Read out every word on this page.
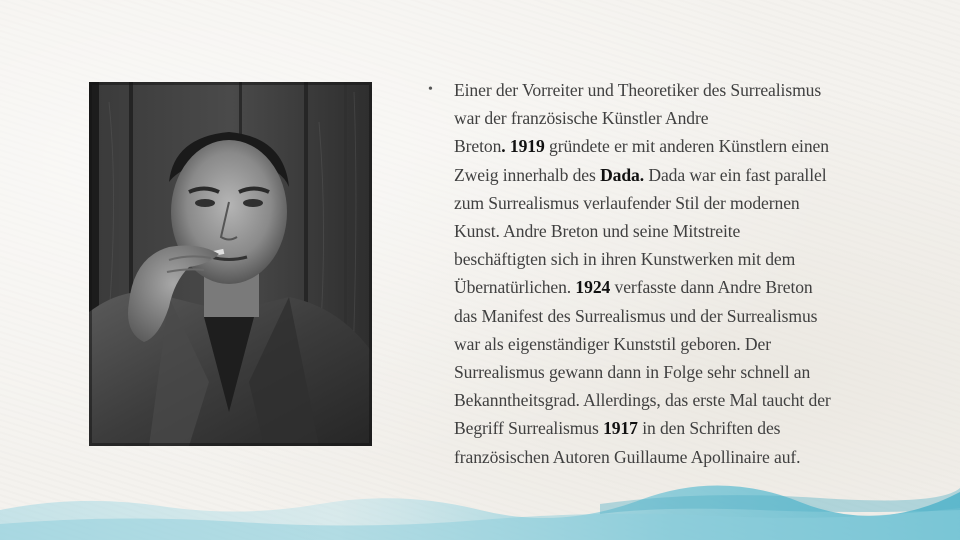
• Einer der Vorreiter und Theoretiker des Surrealismus
war der französische Künstler Andre
Breton. 1919 gründete er mit anderen Künstlern einen
Zweig innerhalb des Dada. Dada war ein fast parallel
zum Surrealismus verlaufender Stil der modernen
Kunst. Andre Breton und seine Mitstreite
beschäftigten sich in ihren Kunstwerken mit dem
Übernatürlichen. 1924 verfasste dann Andre Breton
das Manifest des Surrealismus und der Surrealismus
war als eigenständiger Kunststil geboren. Der
Surrealismus gewann dann in Folge sehr schnell an
Bekanntheitsgrad. Allerdings, das erste Mal taucht der
Begriff Surrealismus 1917 in den Schriften des
französischen Autoren Guillaume Apollinaire auf.
